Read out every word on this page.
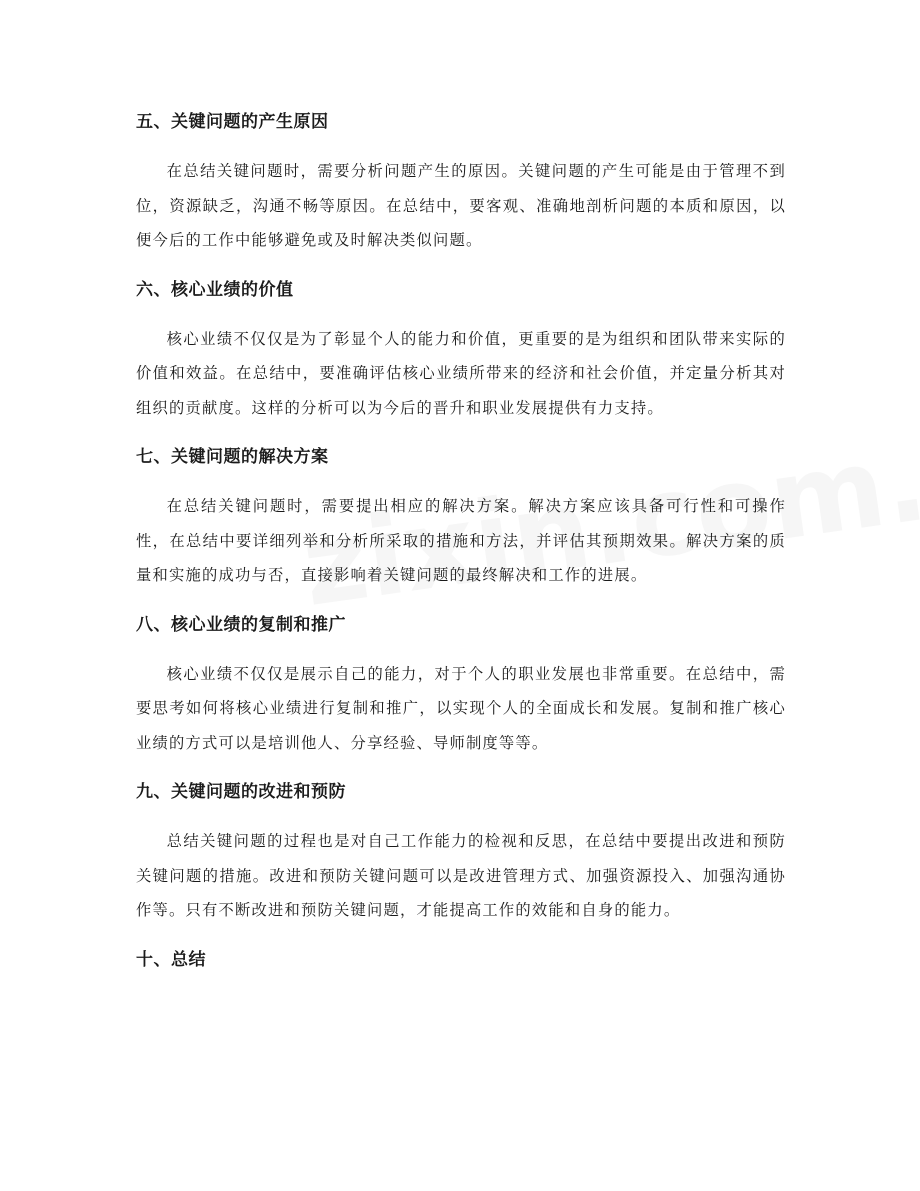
五、关键问题的产生原因

在总结关键问题时，需要分析问题产生的原因。关键问题的产生可能是由于管理不到位，资源缺乏，沟通不畅等原因。在总结中，要客观、准确地剖析问题的本质和原因，以便今后的工作中能够避免或及时解决类似问题。

六、核心业绩的价值

核心业绩不仅仅是为了彰显个人的能力和价值，更重要的是为组织和团队带来实际的价值和效益。在总结中，要准确评估核心业绩所带来的经济和社会价值，并定量分析其对组织的贡献度。这样的分析可以为今后的晋升和职业发展提供有力支持。

七、关键问题的解决方案

在总结关键问题时，需要提出相应的解决方案。解决方案应该具备可行性和可操作性，在总结中要详细列举和分析所采取的措施和方法，并评估其预期效果。解决方案的质量和实施的成功与否，直接影响着关键问题的最终解决和工作的进展。

八、核心业绩的复制和推广

核心业绩不仅仅是展示自己的能力，对于个人的职业发展也非常重要。在总结中，需要思考如何将核心业绩进行复制和推广，以实现个人的全面成长和发展。复制和推广核心业绩的方式可以是培训他人、分享经验、导师制度等等。

九、关键问题的改进和预防

总结关键问题的过程也是对自己工作能力的检视和反思，在总结中要提出改进和预防关键问题的措施。改进和预防关键问题可以是改进管理方式、加强资源投入、加强沟通协作等。只有不断改进和预防关键问题，才能提高工作的效能和自身的能力。

十、总结
